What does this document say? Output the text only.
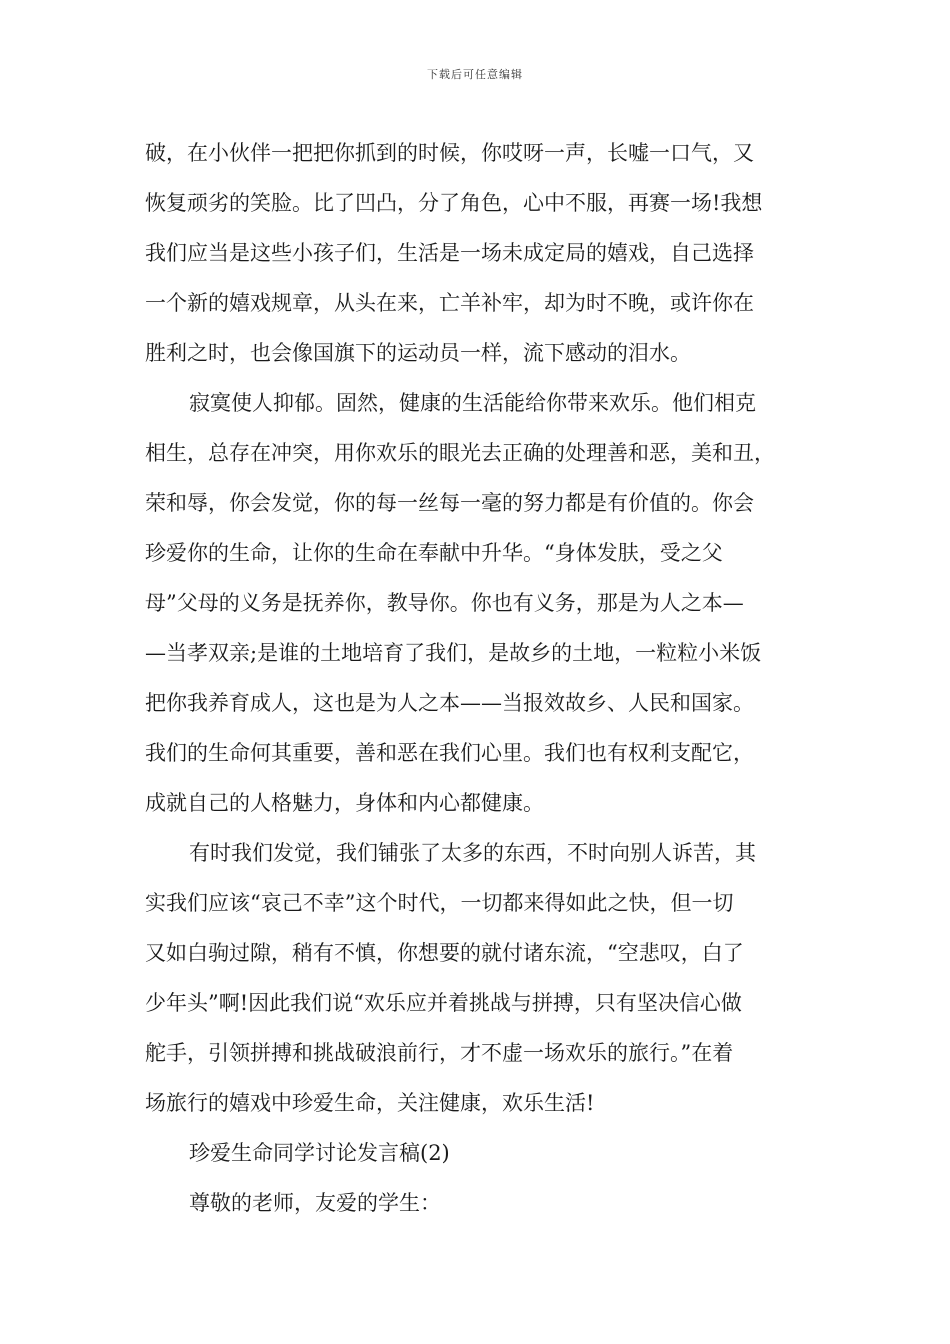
下载后可任意编辑
破，在小伙伴一把把你抓到的时候，你哎呀一声，长嘘一口气，又
恢复顽劣的笑脸。比了凹凸，分了角色，心中不服，再赛一场!我想
我们应当是这些小孩子们，生活是一场未成定局的嬉戏，自己选择
一个新的嬉戏规章，从头在来，亡羊补牢，却为时不晚，或许你在
胜利之时，也会像国旗下的运动员一样，流下感动的泪水。
寂寞使人抑郁。固然，健康的生活能给你带来欢乐。他们相克
相生，总存在冲突，用你欢乐的眼光去正确的处理善和恶，美和丑，
荣和辱，你会发觉，你的每一丝每一毫的努力都是有价值的。你会
珍爱你的生命，让你的生命在奉献中升华。“身体发肤，受之父
母”父母的义务是抚养你，教导你。你也有义务，那是为人之本—
—当孝双亲;是谁的土地培育了我们，是故乡的土地，一粒粒小米饭
把你我养育成人，这也是为人之本——当报效故乡、人民和国家。
我们的生命何其重要，善和恶在我们心里。我们也有权利支配它，
成就自己的人格魅力，身体和内心都健康。
有时我们发觉，我们铺张了太多的东西，不时向别人诉苦，其
实我们应该“哀己不幸”这个时代，一切都来得如此之快，但一切
又如白驹过隙，稍有不慎，你想要的就付诸东流，“空悲叹，白了
少年头”啊!因此我们说“欢乐应并着挑战与拼搏，只有坚决信心做
舵手，引领拼搏和挑战破浪前行，才不虚一场欢乐的旅行。”在着
场旅行的嬉戏中珍爱生命，关注健康，欢乐生活!
珍爱生命同学讨论发言稿(2)
尊敬的老师，友爱的学生：
